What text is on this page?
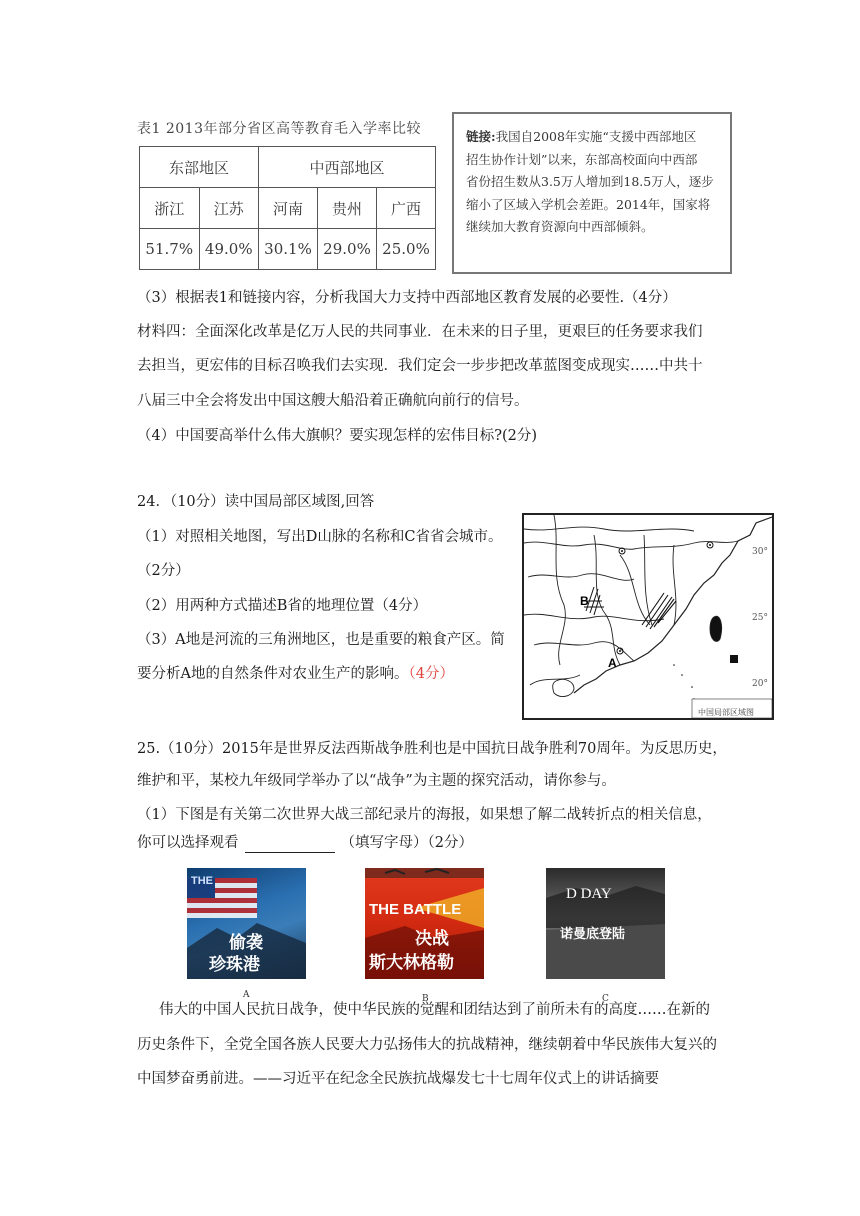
表1 2013年部分省区高等教育毛入学率比较
东部地区		中西部地区		
浙江	江苏	河南	贵州	广西
51.7%	49.0%	30.1%	29.0%	25.0%
链接:我国自2008年实施“支援中西部地区
招生协作计划”以来，东部高校面向中西部
省份招生数从3.5万人增加到18.5万人，逐步
缩小了区域入学机会差距。2014年，国家将
继续加大教育资源向中西部倾斜。
（3）根据表1和链接内容，分析我国大力支持中西部地区教育发展的必要性.（4分）
材料四：全面深化改革是亿万人民的共同事业．在未来的日子里，更艰巨的任务要求我们
去担当，更宏伟的目标召唤我们去实现．我们定会一步步把改革蓝图变成现实……中共十
八届三中全会将发出中国这艘大船沿着正确航向前行的信号。
（4）中国要高举什么伟大旗帜？要实现怎样的宏伟目标?(2分)
24．（10分）读中国局部区域图,回答
（1）对照相关地图，写出D山脉的名称和C省省会城市。
（2分）
（2）用两种方式描述B省的地理位置（4分）
（3）A地是河流的三角洲地区，也是重要的粮食产区。简
要分析A地的自然条件对农业生产的影响。（4分）
B
A
中国局部区域图
30°
25°
20°
25.（10分）2015年是世界反法西斯战争胜利也是中国抗日战争胜利70周年。为反思历史，
维护和平，某校九年级同学举办了以“战争”为主题的探究活动，请你参与。
（1）下图是有关第二次世界大战三部纪录片的海报，如果想了解二战转折点的相关信息，
你可以选择观看	（填写字母）（2分）
THE
偷袭
珍珠港
A
THE BATTLE
决战
斯大林格勒
B
D DAY
诺曼底登陆
C
伟大的中国人民抗日战争，使中华民族的觉醒和团结达到了前所未有的高度……在新的
历史条件下，全党全国各族人民要大力弘扬伟大的抗战精神，继续朝着中华民族伟大复兴的
中国梦奋勇前进。——习近平在纪念全民族抗战爆发七十七周年仪式上的讲话摘要
